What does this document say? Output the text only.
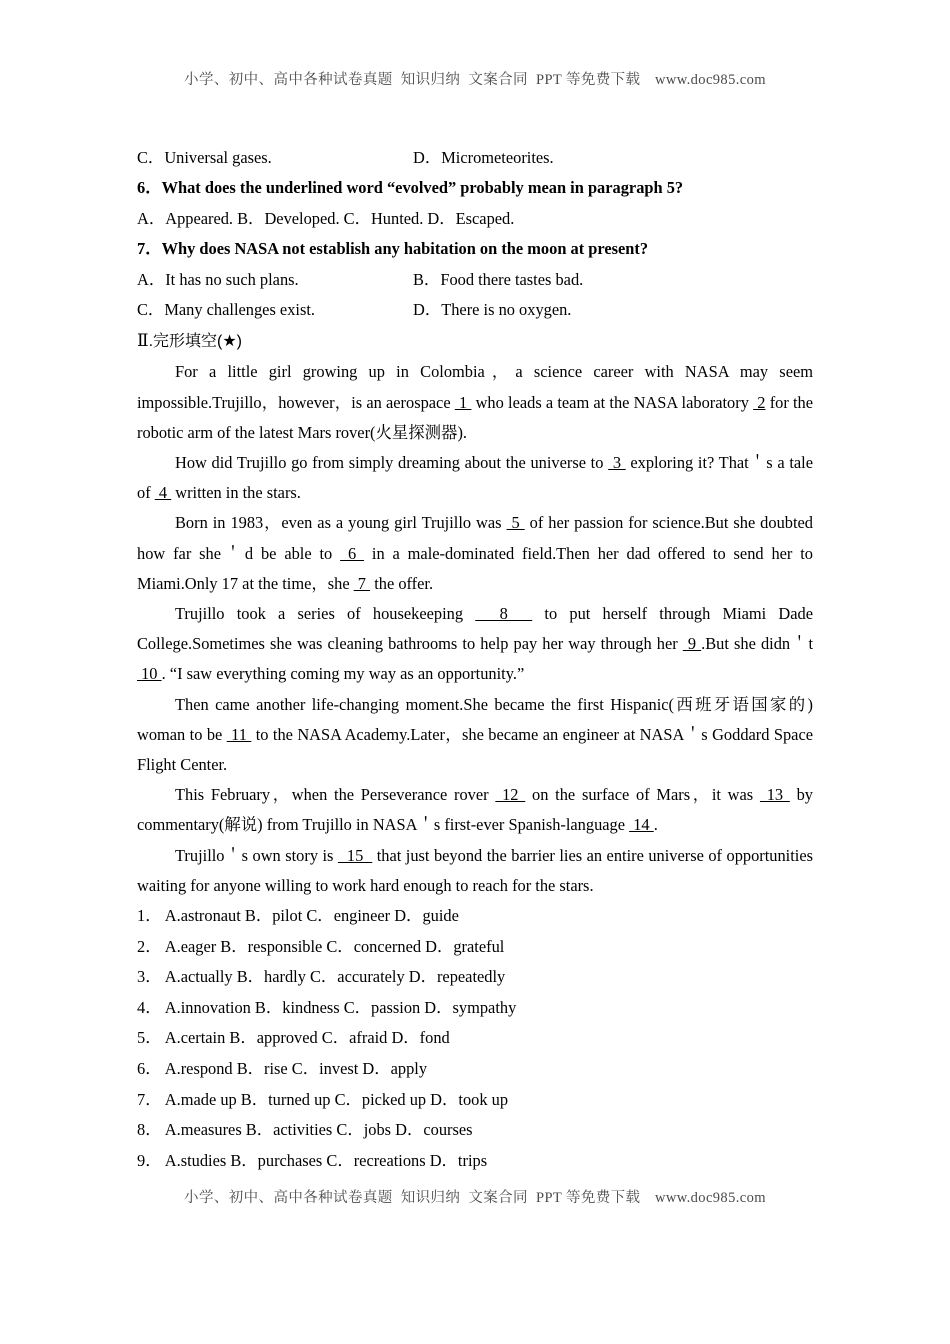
小学、初中、高中各种试卷真题  知识归纳  文案合同  PPT 等免费下载 www.doc985.com
C．Universal gases.	D．Micrometeorites.
6．What does the underlined word “evolved” probably mean in paragraph 5?
A．Appeared. B．Developed. C．Hunted. D．Escaped.
7．Why does NASA not establish any habitation on the moon at present?
A．It has no such plans.	B．Food there tastes bad.
C．Many challenges exist.	D．There is no oxygen.
Ⅱ.完形填空(★)
For a little girl growing up in Colombia，a science career with NASA may seem impossible.Trujillo，however，is an aerospace  1  who leads a team at the NASA laboratory  2 for the robotic arm of the latest Mars rover(火星探测器).
How did Trujillo go from simply dreaming about the universe to  3  exploring it? That＇s a tale of  4  written in the stars.
Born in 1983，even as a young girl Trujillo was  5  of her passion for science.But she doubted how far she＇d be able to  6  in a male-dominated field.Then her dad offered to send her to Miami.Only 17 at the time，she  7  the offer.
Trujillo took a series of housekeeping   8   to put herself through Miami Dade College.Sometimes she was cleaning bathrooms to help pay her way through her  9 .But she didn＇t  10 . “I saw everything coming my way as an opportunity.”
Then came another life-changing moment.She became the first Hispanic(西班牙语国家的) woman to be  11  to the NASA Academy.Later，she became an engineer at NASA＇s Goddard Space Flight Center.
This February，when the Perseverance rover  12  on the surface of Mars，it was  13  by commentary(解说) from Trujillo in NASA＇s first-ever Spanish-language  14 .
Trujillo＇s own story is   15   that just beyond the barrier lies an entire universe of opportunities waiting for anyone willing to work hard enough to reach for the stars.
1． A.astronaut B．pilot C．engineer D．guide
2． A.eager B．responsible C．concerned D．grateful
3． A.actually B．hardly C．accurately D．repeatedly
4． A.innovation B．kindness C．passion D．sympathy
5． A.certain B．approved C．afraid D．fond
6． A.respond B．rise C．invest D．apply
7． A.made up B．turned up C．picked up D．took up
8． A.measures B．activities C．jobs D．courses
9． A.studies B．purchases C．recreations D．trips
小学、初中、高中各种试卷真题  知识归纳  文案合同  PPT 等免费下载 www.doc985.com
